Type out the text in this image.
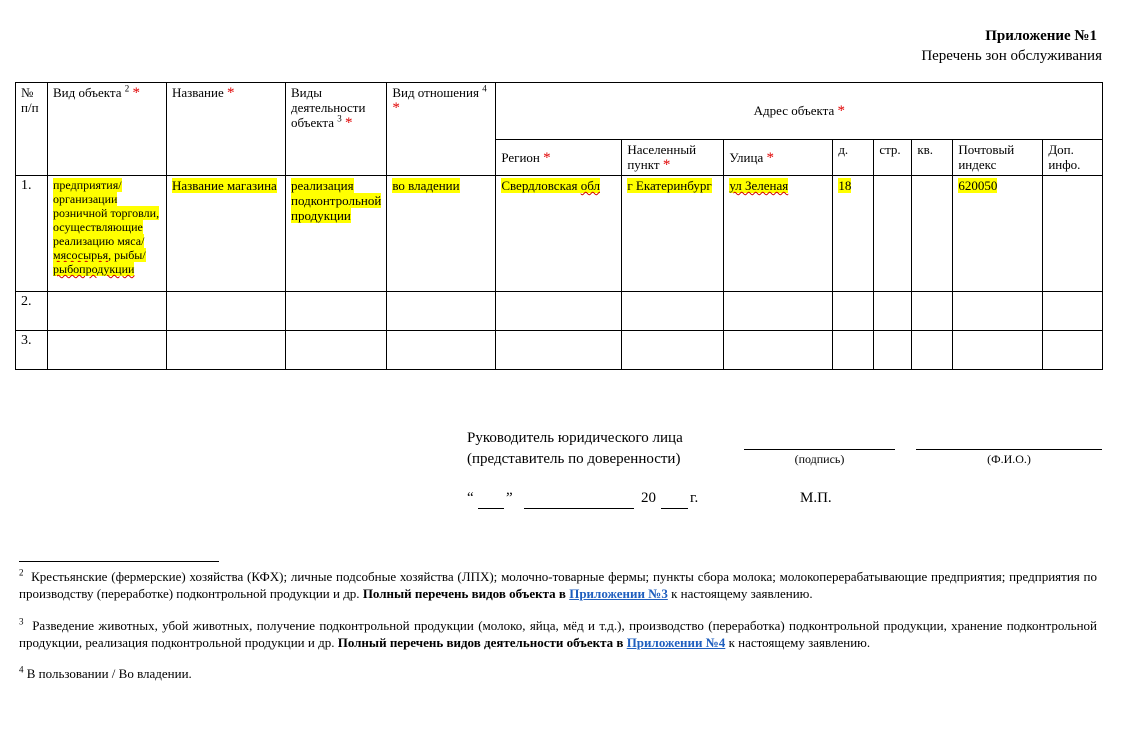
Приложение №1
Перечень зон обслуживания
№ п/п	Вид объекта $^2$ *	Название *	Виды деятельности объекта $^3$ *	Вид отношения $^4$ *	Адрес объекта *							
					Регион *	Населенный пункт *	Улица *	д.	стр.	кв.	Почтовый индекс	Доп. инфо.
1.	предприятия/организации розничной торговли, осуществляющие реализацию мяса/мясосырья, рыбы/рыбопродукции	Название магазина	реализация подконтрольной продукции	во владении	Свердловская обл	г Екатеринбург	ул Зеленая	18			620050	
2.												
3.												
Руководитель юридического лица
(представитель по доверенности)	(подпись)	(Ф.И.О.)
“ ”	20 г.	М.П.
$^2$ Крестьянские (фермерские) хозяйства (КФХ); личные подсобные хозяйства (ЛПХ); молочно-товарные фермы; пункты сбора молока; молокоперерабатывающие предприятия; предприятия по производству (переработке) подконтрольной продукции и др. Полный перечень видов объекта в Приложении №3 к настоящему заявлению.
$^3$ Разведение животных, убой животных, получение подконтрольной продукции (молоко, яйца, мёд и т.д.), производство (переработка) подконтрольной продукции, хранение подконтрольной продукции, реализация подконтрольной продукции и др. Полный перечень видов деятельности объекта в Приложении №4 к настоящему заявлению.
$^4$ В пользовании / Во владении.
